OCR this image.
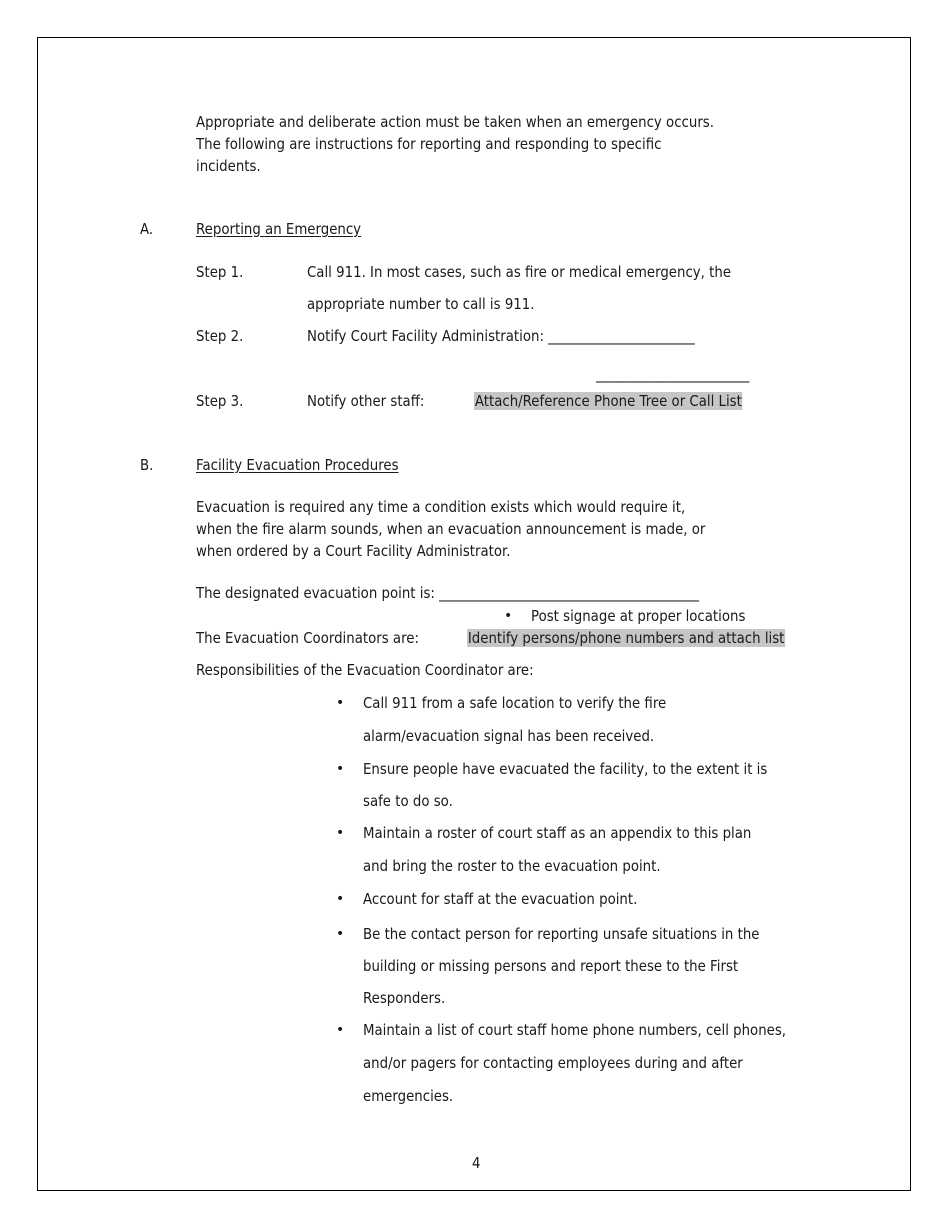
Appropriate and deliberate action must be taken when an emergency occurs.
The following are instructions for reporting and responding to specific
incidents.
A.	Reporting an Emergency
Step 1.	Call 911. In most cases, such as fire or medical emergency, the
appropriate number to call is 911.
Step 2.	Notify Court Facility Administration: ______________________
_______________________
Step 3.	Notify other staff:	Attach/Reference Phone Tree or Call List
B.	Facility Evacuation Procedures
Evacuation is required any time a condition exists which would require it,
when the fire alarm sounds, when an evacuation announcement is made, or
when ordered by a Court Facility Administrator.
The designated evacuation point is: _______________________________________
• Post signage at proper locations
The Evacuation Coordinators are:	Identify persons/phone numbers and attach list
Responsibilities of the Evacuation Coordinator are:
• Call 911 from a safe location to verify the fire
alarm/evacuation signal has been received.
• Ensure people have evacuated the facility, to the extent it is
safe to do so.
• Maintain a roster of court staff as an appendix to this plan
and bring the roster to the evacuation point.
• Account for staff at the evacuation point.
• Be the contact person for reporting unsafe situations in the
building or missing persons and report these to the First
Responders.
• Maintain a list of court staff home phone numbers, cell phones,
and/or pagers for contacting employees during and after
emergencies.
4
